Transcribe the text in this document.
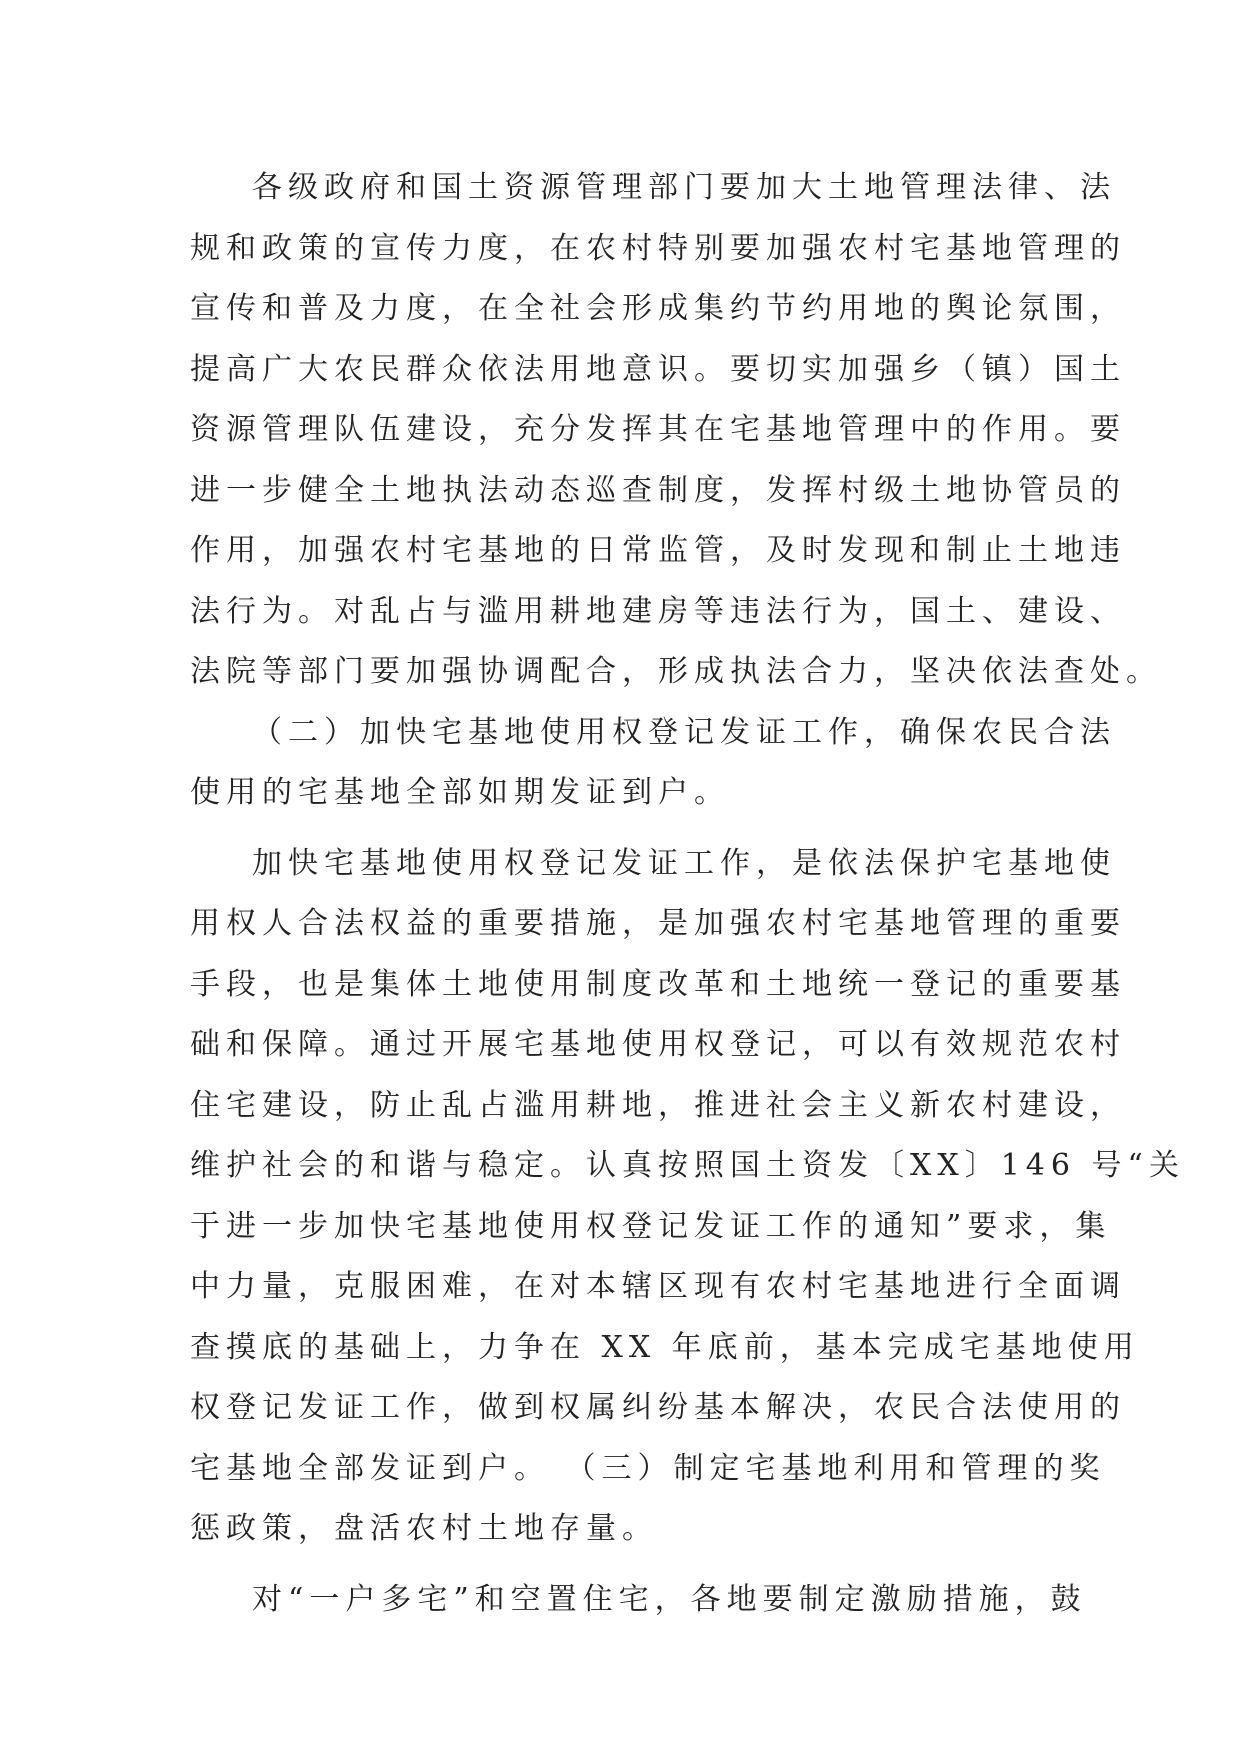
各级政府和国土资源管理部门要加大土地管理法律、法
规和政策的宣传力度，在农村特别要加强农村宅基地管理的
宣传和普及力度，在全社会形成集约节约用地的舆论氛围，
提高广大农民群众依法用地意识。要切实加强乡（镇）国土
资源管理队伍建设，充分发挥其在宅基地管理中的作用。要
进一步健全土地执法动态巡查制度，发挥村级土地协管员的
作用，加强农村宅基地的日常监管，及时发现和制止土地违
法行为。对乱占与滥用耕地建房等违法行为，国土、建设、
法院等部门要加强协调配合，形成执法合力，坚决依法查处。
（二）加快宅基地使用权登记发证工作，确保农民合法
使用的宅基地全部如期发证到户。
加快宅基地使用权登记发证工作，是依法保护宅基地使
用权人合法权益的重要措施，是加强农村宅基地管理的重要
手段，也是集体土地使用制度改革和土地统一登记的重要基
础和保障。通过开展宅基地使用权登记，可以有效规范农村
住宅建设，防止乱占滥用耕地，推进社会主义新农村建设，
维护社会的和谐与稳定。认真按照国土资发〔XX〕146 号“关
于进一步加快宅基地使用权登记发证工作的通知”要求，集
中力量，克服困难，在对本辖区现有农村宅基地进行全面调
查摸底的基础上，力争在 XX 年底前，基本完成宅基地使用
权登记发证工作，做到权属纠纷基本解决，农民合法使用的
宅基地全部发证到户。 （三）制定宅基地利用和管理的奖
惩政策，盘活农村土地存量。
对“一户多宅”和空置住宅，各地要制定激励措施，鼓
